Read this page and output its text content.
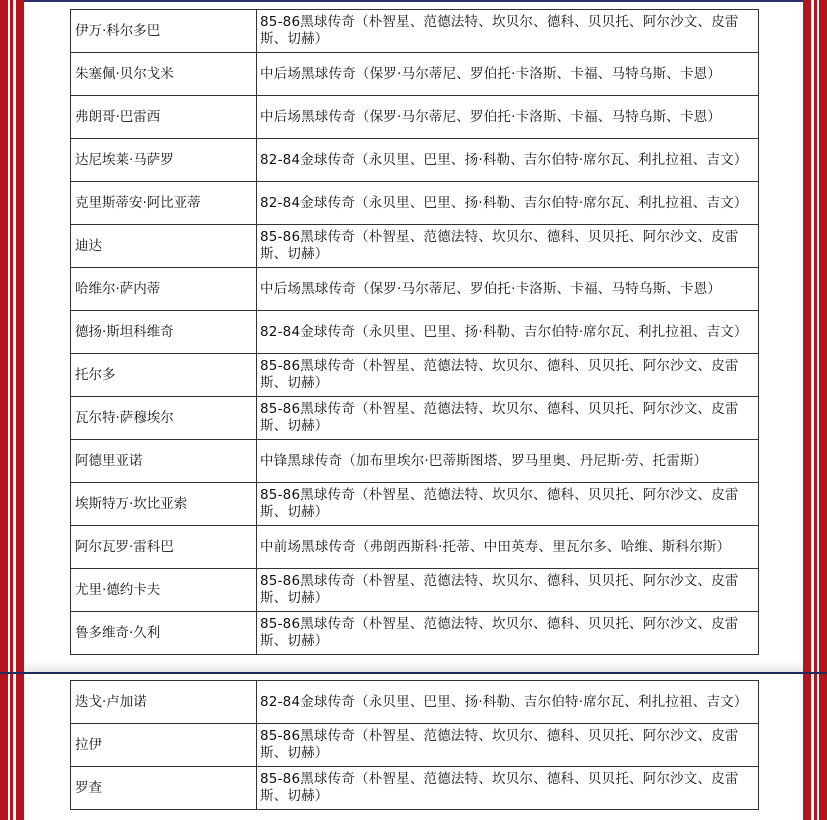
伊万·科尔多巴	85-86黑球传奇（朴智星、范德法特、坎贝尔、德科、贝贝托、阿尔沙文、皮雷斯、切赫）
朱塞佩·贝尔戈米	中后场黑球传奇（保罗·马尔蒂尼、罗伯托·卡洛斯、卡福、马特乌斯、卡恩）
弗朗哥·巴雷西	中后场黑球传奇（保罗·马尔蒂尼、罗伯托·卡洛斯、卡福、马特乌斯、卡恩）
达尼埃莱·马萨罗	82-84金球传奇（永贝里、巴里、扬·科勒、吉尔伯特·席尔瓦、利扎拉祖、吉文）
克里斯蒂安·阿比亚蒂	82-84金球传奇（永贝里、巴里、扬·科勒、吉尔伯特·席尔瓦、利扎拉祖、吉文）
迪达	85-86黑球传奇（朴智星、范德法特、坎贝尔、德科、贝贝托、阿尔沙文、皮雷斯、切赫）
哈维尔·萨内蒂	中后场黑球传奇（保罗·马尔蒂尼、罗伯托·卡洛斯、卡福、马特乌斯、卡恩）
德扬·斯坦科维奇	82-84金球传奇（永贝里、巴里、扬·科勒、吉尔伯特·席尔瓦、利扎拉祖、吉文）
托尔多	85-86黑球传奇（朴智星、范德法特、坎贝尔、德科、贝贝托、阿尔沙文、皮雷斯、切赫）
瓦尔特·萨穆埃尔	85-86黑球传奇（朴智星、范德法特、坎贝尔、德科、贝贝托、阿尔沙文、皮雷斯、切赫）
阿德里亚诺	中锋黑球传奇（加布里埃尔·巴蒂斯图塔、罗马里奥、丹尼斯·劳、托雷斯）
埃斯特万·坎比亚索	85-86黑球传奇（朴智星、范德法特、坎贝尔、德科、贝贝托、阿尔沙文、皮雷斯、切赫）
阿尔瓦罗·雷科巴	中前场黑球传奇（弗朗西斯科·托蒂、中田英寿、里瓦尔多、哈维、斯科尔斯）
尤里·德约卡夫	85-86黑球传奇（朴智星、范德法特、坎贝尔、德科、贝贝托、阿尔沙文、皮雷斯、切赫）
鲁多维奇·久利	85-86黑球传奇（朴智星、范德法特、坎贝尔、德科、贝贝托、阿尔沙文、皮雷斯、切赫）
迭戈·卢加诺	82-84金球传奇（永贝里、巴里、扬·科勒、吉尔伯特·席尔瓦、利扎拉祖、吉文）
拉伊	85-86黑球传奇（朴智星、范德法特、坎贝尔、德科、贝贝托、阿尔沙文、皮雷斯、切赫）
罗查	85-86黑球传奇（朴智星、范德法特、坎贝尔、德科、贝贝托、阿尔沙文、皮雷斯、切赫）
